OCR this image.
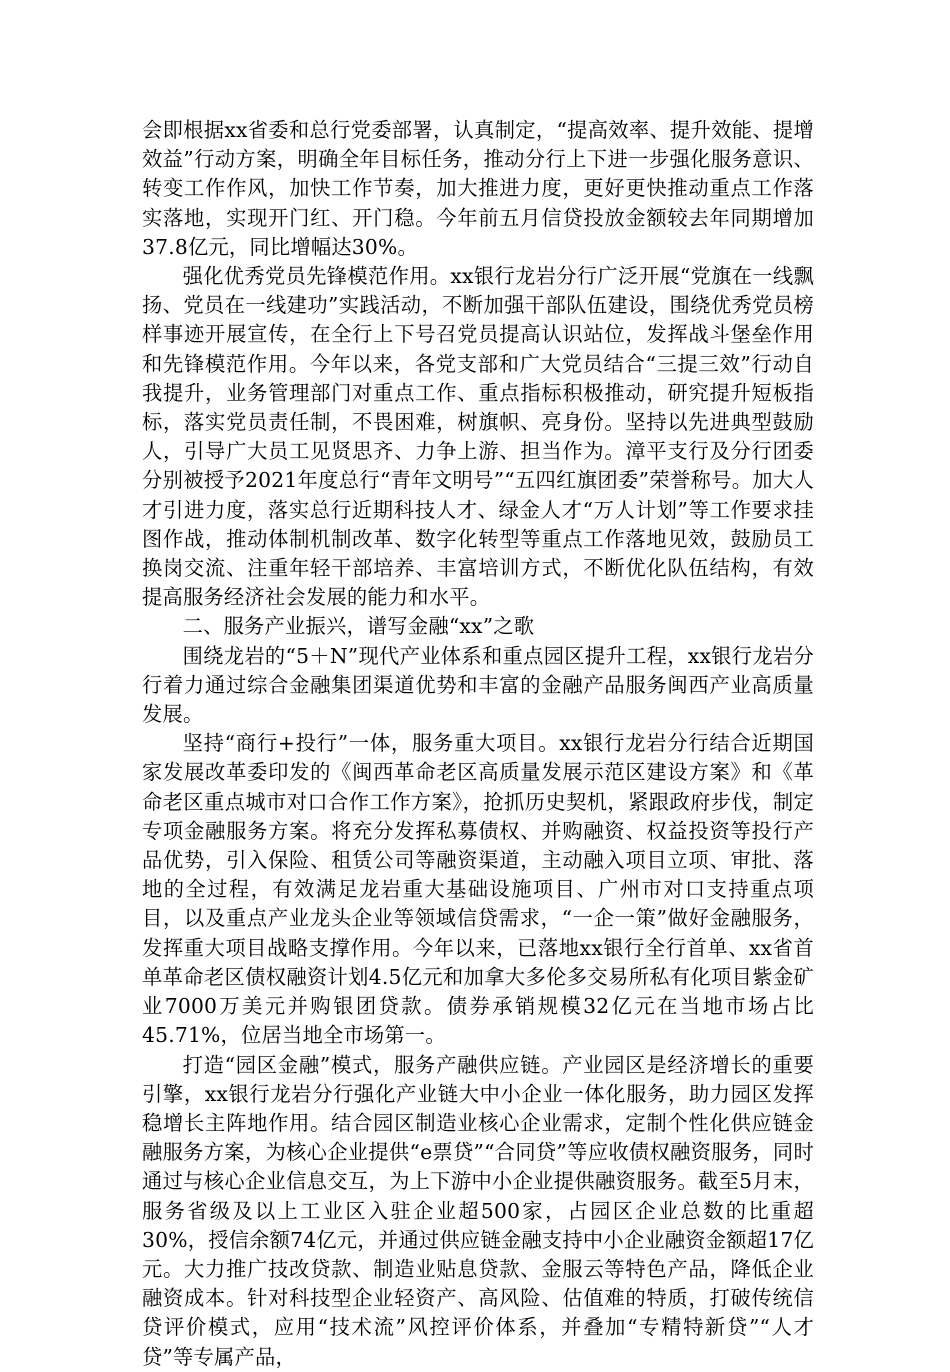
会即根据xx省委和总行党委部署，认真制定，“提高效率、提升效能、提增效益”行动方案，明确全年目标任务，推动分行上下进一步强化服务意识、转变工作作风，加快工作节奏，加大推进力度，更好更快推动重点工作落实落地，实现开门红、开门稳。今年前五月信贷投放金额较去年同期增加37.8亿元，同比增幅达30%。

强化优秀党员先锋模范作用。xx银行龙岩分行广泛开展“党旗在一线飘扬、党员在一线建功”实践活动，不断加强干部队伍建设，围绕优秀党员榜样事迹开展宣传，在全行上下号召党员提高认识站位，发挥战斗堡垒作用和先锋模范作用。今年以来，各党支部和广大党员结合“三提三效”行动自我提升，业务管理部门对重点工作、重点指标积极推动，研究提升短板指标，落实党员责任制，不畏困难，树旗帜、亮身份。坚持以先进典型鼓励人，引导广大员工见贤思齐、力争上游、担当作为。漳平支行及分行团委分别被授予2021年度总行“青年文明号”“五四红旗团委”荣誉称号。加大人才引进力度，落实总行近期科技人才、绿金人才“万人计划”等工作要求挂图作战，推动体制机制改革、数字化转型等重点工作落地见效，鼓励员工换岗交流、注重年轻干部培养、丰富培训方式，不断优化队伍结构，有效提高服务经济社会发展的能力和水平。

二、服务产业振兴，谱写金融“xx”之歌

围绕龙岩的“5＋N”现代产业体系和重点园区提升工程，xx银行龙岩分行着力通过综合金融集团渠道优势和丰富的金融产品服务闽西产业高质量发展。

坚持“商行+投行”一体，服务重大项目。xx银行龙岩分行结合近期国家发展改革委印发的《闽西革命老区高质量发展示范区建设方案》和《革命老区重点城市对口合作工作方案》，抢抓历史契机，紧跟政府步伐，制定专项金融服务方案。将充分发挥私募债权、并购融资、权益投资等投行产品优势，引入保险、租赁公司等融资渠道，主动融入项目立项、审批、落地的全过程，有效满足龙岩重大基础设施项目、广州市对口支持重点项目，以及重点产业龙头企业等领域信贷需求，“一企一策”做好金融服务，发挥重大项目战略支撑作用。今年以来，已落地xx银行全行首单、xx省首单革命老区债权融资计划4.5亿元和加拿大多伦多交易所私有化项目紫金矿业7000万美元并购银团贷款。债券承销规模32亿元在当地市场占比45.71%，位居当地全市场第一。

打造“园区金融”模式，服务产融供应链。产业园区是经济增长的重要引擎，xx银行龙岩分行强化产业链大中小企业一体化服务，助力园区发挥稳增长主阵地作用。结合园区制造业核心企业需求，定制个性化供应链金融服务方案，为核心企业提供“e票贷”“合同贷”等应收债权融资服务，同时通过与核心企业信息交互，为上下游中小企业提供融资服务。截至5月末，服务省级及以上工业区入驻企业超500家，占园区企业总数的比重超30%，授信余额74亿元，并通过供应链金融支持中小企业融资金额超17亿元。大力推广技改贷款、制造业贴息贷款、金服云等特色产品，降低企业融资成本。针对科技型企业轻资产、高风险、估值难的特质，打破传统信贷评价模式，应用“技术流”风控评价体系，并叠加“专精特新贷”“人才贷”等专属产品，
